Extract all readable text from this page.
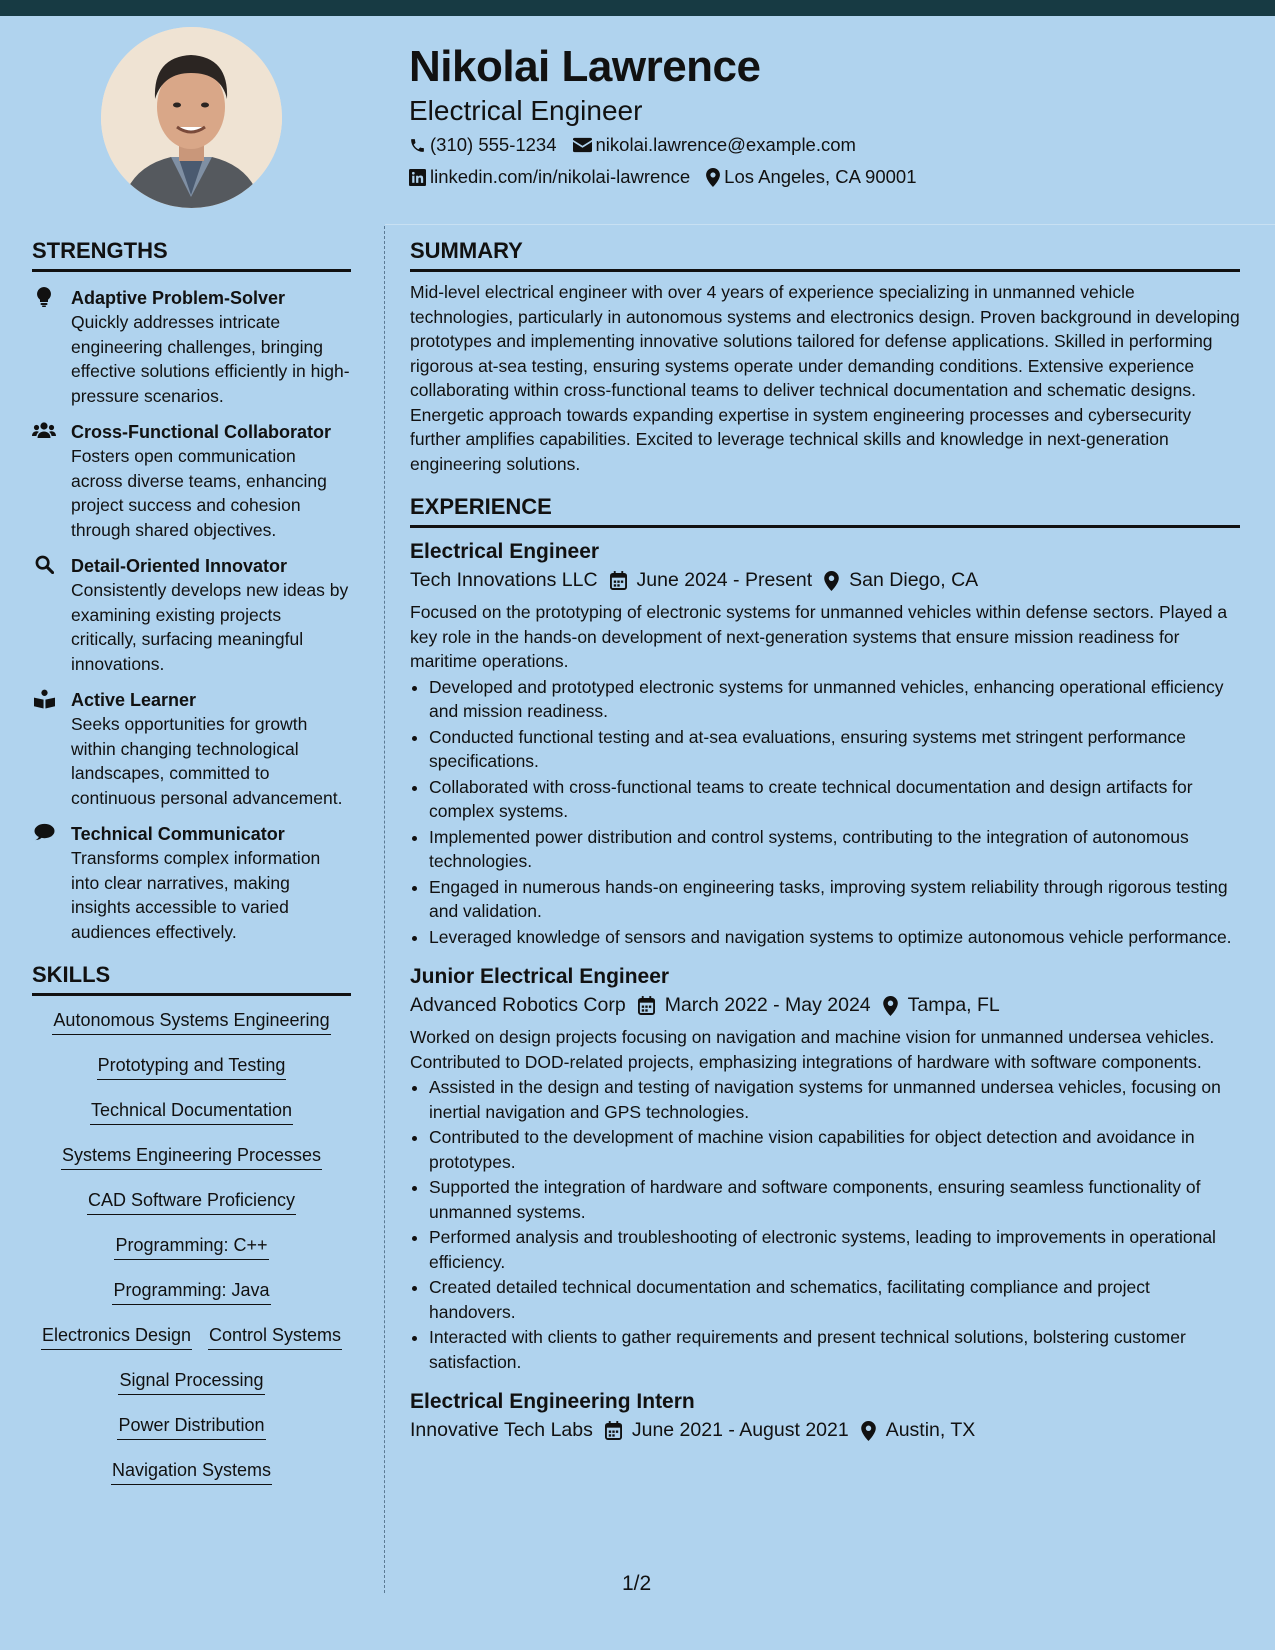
Nikolai Lawrence
Electrical Engineer
(310) 555-1234 nikolai.lawrence@example.com
linkedin.com/in/nikolai-lawrence Los Angeles, CA 90001
STRENGTHS
Adaptive Problem-Solver
Quickly addresses intricate engineering challenges, bringing effective solutions efficiently in high-pressure scenarios.
Cross-Functional Collaborator
Fosters open communication across diverse teams, enhancing project success and cohesion through shared objectives.
Detail-Oriented Innovator
Consistently develops new ideas by examining existing projects critically, surfacing meaningful innovations.
Active Learner
Seeks opportunities for growth within changing technological landscapes, committed to continuous personal advancement.
Technical Communicator
Transforms complex information into clear narratives, making insights accessible to varied audiences effectively.
SKILLS
Autonomous Systems Engineering
Prototyping and Testing
Technical Documentation
Systems Engineering Processes
CAD Software Proficiency
Programming: C++
Programming: Java
Electronics Design Control Systems
Signal Processing
Power Distribution
Navigation Systems
SUMMARY

Mid-level electrical engineer with over 4 years of experience specializing in unmanned vehicle technologies, particularly in autonomous systems and electronics design. Proven background in developing prototypes and implementing innovative solutions tailored for defense applications. Skilled in performing rigorous at-sea testing, ensuring systems operate under demanding conditions. Extensive experience collaborating within cross-functional teams to deliver technical documentation and schematic designs. Energetic approach towards expanding expertise in system engineering processes and cybersecurity further amplifies capabilities. Excited to leverage technical skills and knowledge in next-generation engineering solutions.

EXPERIENCE
Electrical Engineer
Tech Innovations LLC June 2024 - Present San Diego, CA

Focused on the prototyping of electronic systems for unmanned vehicles within defense sectors. Played a key role in the hands-on development of next-generation systems that ensure mission readiness for maritime operations.

• Developed and prototyped electronic systems for unmanned vehicles, enhancing operational efficiency and mission readiness.
• Conducted functional testing and at-sea evaluations, ensuring systems met stringent performance specifications.
• Collaborated with cross-functional teams to create technical documentation and design artifacts for complex systems.
• Implemented power distribution and control systems, contributing to the integration of autonomous technologies.
• Engaged in numerous hands-on engineering tasks, improving system reliability through rigorous testing and validation.
• Leveraged knowledge of sensors and navigation systems to optimize autonomous vehicle performance.
Junior Electrical Engineer
Advanced Robotics Corp March 2022 - May 2024 Tampa, FL

Worked on design projects focusing on navigation and machine vision for unmanned undersea vehicles. Contributed to DOD-related projects, emphasizing integrations of hardware with software components.

• Assisted in the design and testing of navigation systems for unmanned undersea vehicles, focusing on inertial navigation and GPS technologies.
• Contributed to the development of machine vision capabilities for object detection and avoidance in prototypes.
• Supported the integration of hardware and software components, ensuring seamless functionality of unmanned systems.
• Performed analysis and troubleshooting of electronic systems, leading to improvements in operational efficiency.
• Created detailed technical documentation and schematics, facilitating compliance and project handovers.
• Interacted with clients to gather requirements and present technical solutions, bolstering customer satisfaction.
Electrical Engineering Intern
Innovative Tech Labs June 2021 - August 2021 Austin, TX
1/2
